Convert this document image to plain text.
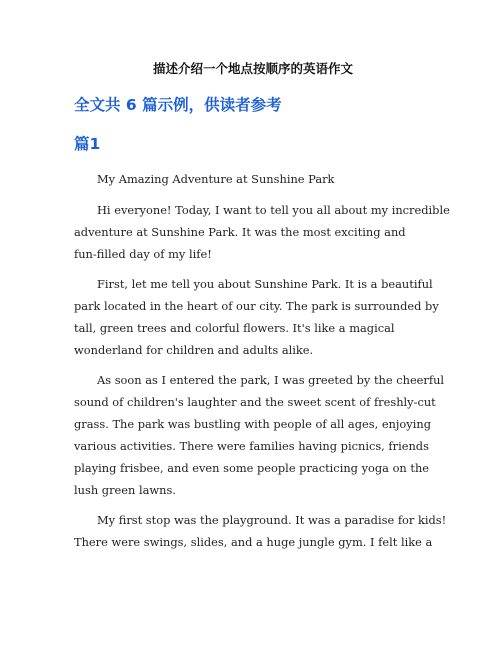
描述介绍一个地点按顺序的英语作文
全文共 6 篇示例，供读者参考
篇1
My Amazing Adventure at Sunshine Park
Hi everyone! Today, I want to tell you all about my incredible
adventure at Sunshine Park. It was the most exciting and
fun-filled day of my life!
First, let me tell you about Sunshine Park. It is a beautiful
park located in the heart of our city. The park is surrounded by
tall, green trees and colorful flowers. It's like a magical
wonderland for children and adults alike.
As soon as I entered the park, I was greeted by the cheerful
sound of children's laughter and the sweet scent of freshly-cut
grass. The park was bustling with people of all ages, enjoying
various activities. There were families having picnics, friends
playing frisbee, and even some people practicing yoga on the
lush green lawns.
My first stop was the playground. It was a paradise for kids!
There were swings, slides, and a huge jungle gym. I felt like a
